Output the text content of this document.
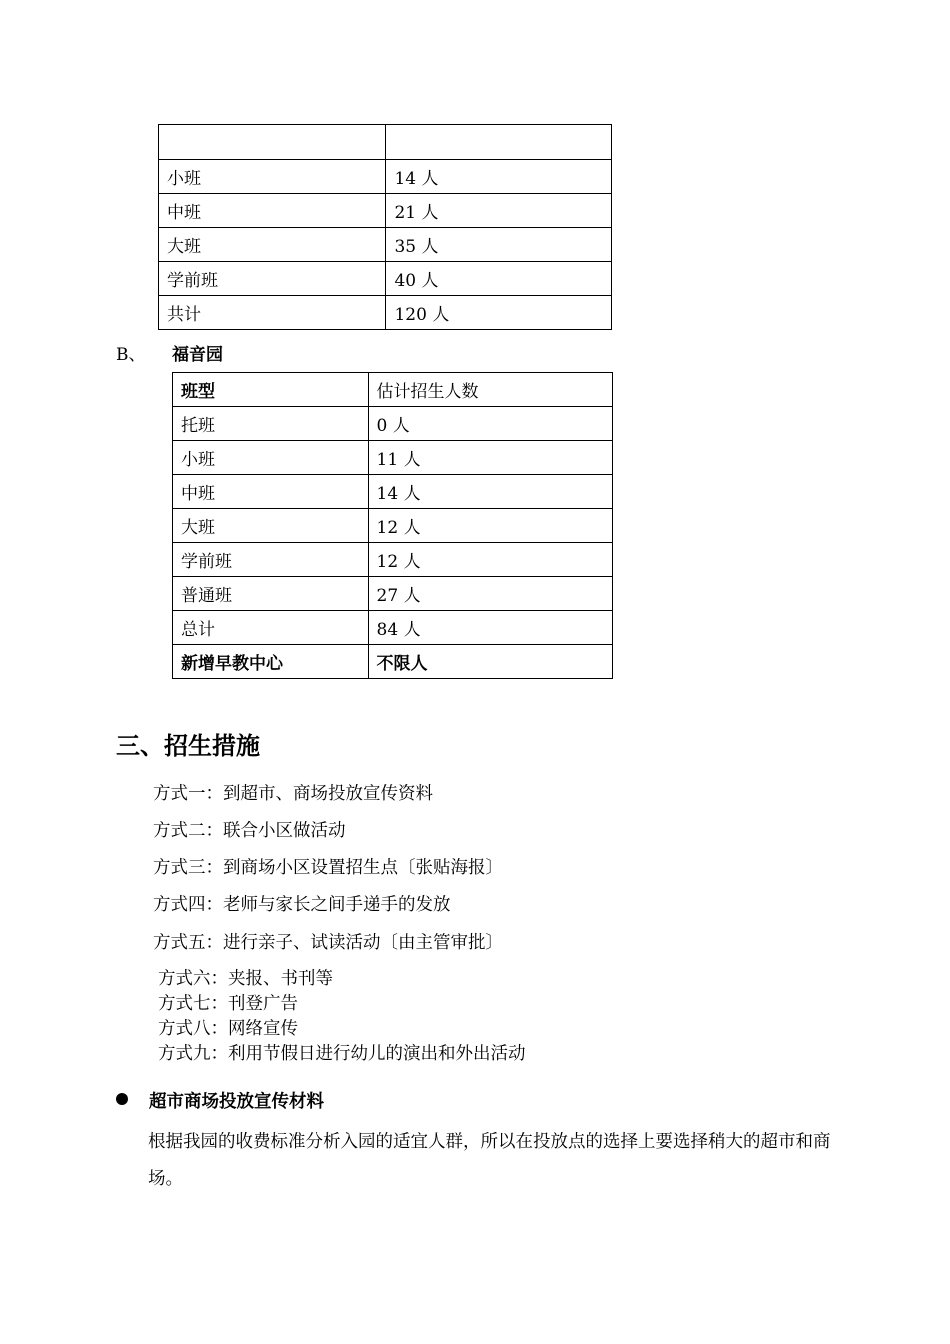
小班	14 人
中班	21 人
大班	35 人
学前班	40 人
共计	120 人
B、 福音园
班型	估计招生人数
托班	0 人
小班	11 人
中班	14 人
大班	12 人
学前班	12 人
普通班	27 人
总计	84 人
新增早教中心	不限人
三、招生措施
方式一：到超市、商场投放宣传资料
方式二：联合小区做活动
方式三：到商场小区设置招生点〔张贴海报〕
方式四：老师与家长之间手递手的发放
方式五：进行亲子、试读活动〔由主管审批〕
方式六：夹报、书刊等
方式七：刊登广告
方式八：网络宣传
方式九：利用节假日进行幼儿的演出和外出活动
超市商场投放宣传材料
根据我园的收费标准分析入园的适宜人群，所以在投放点的选择上要选择稍大的超市和商场。
